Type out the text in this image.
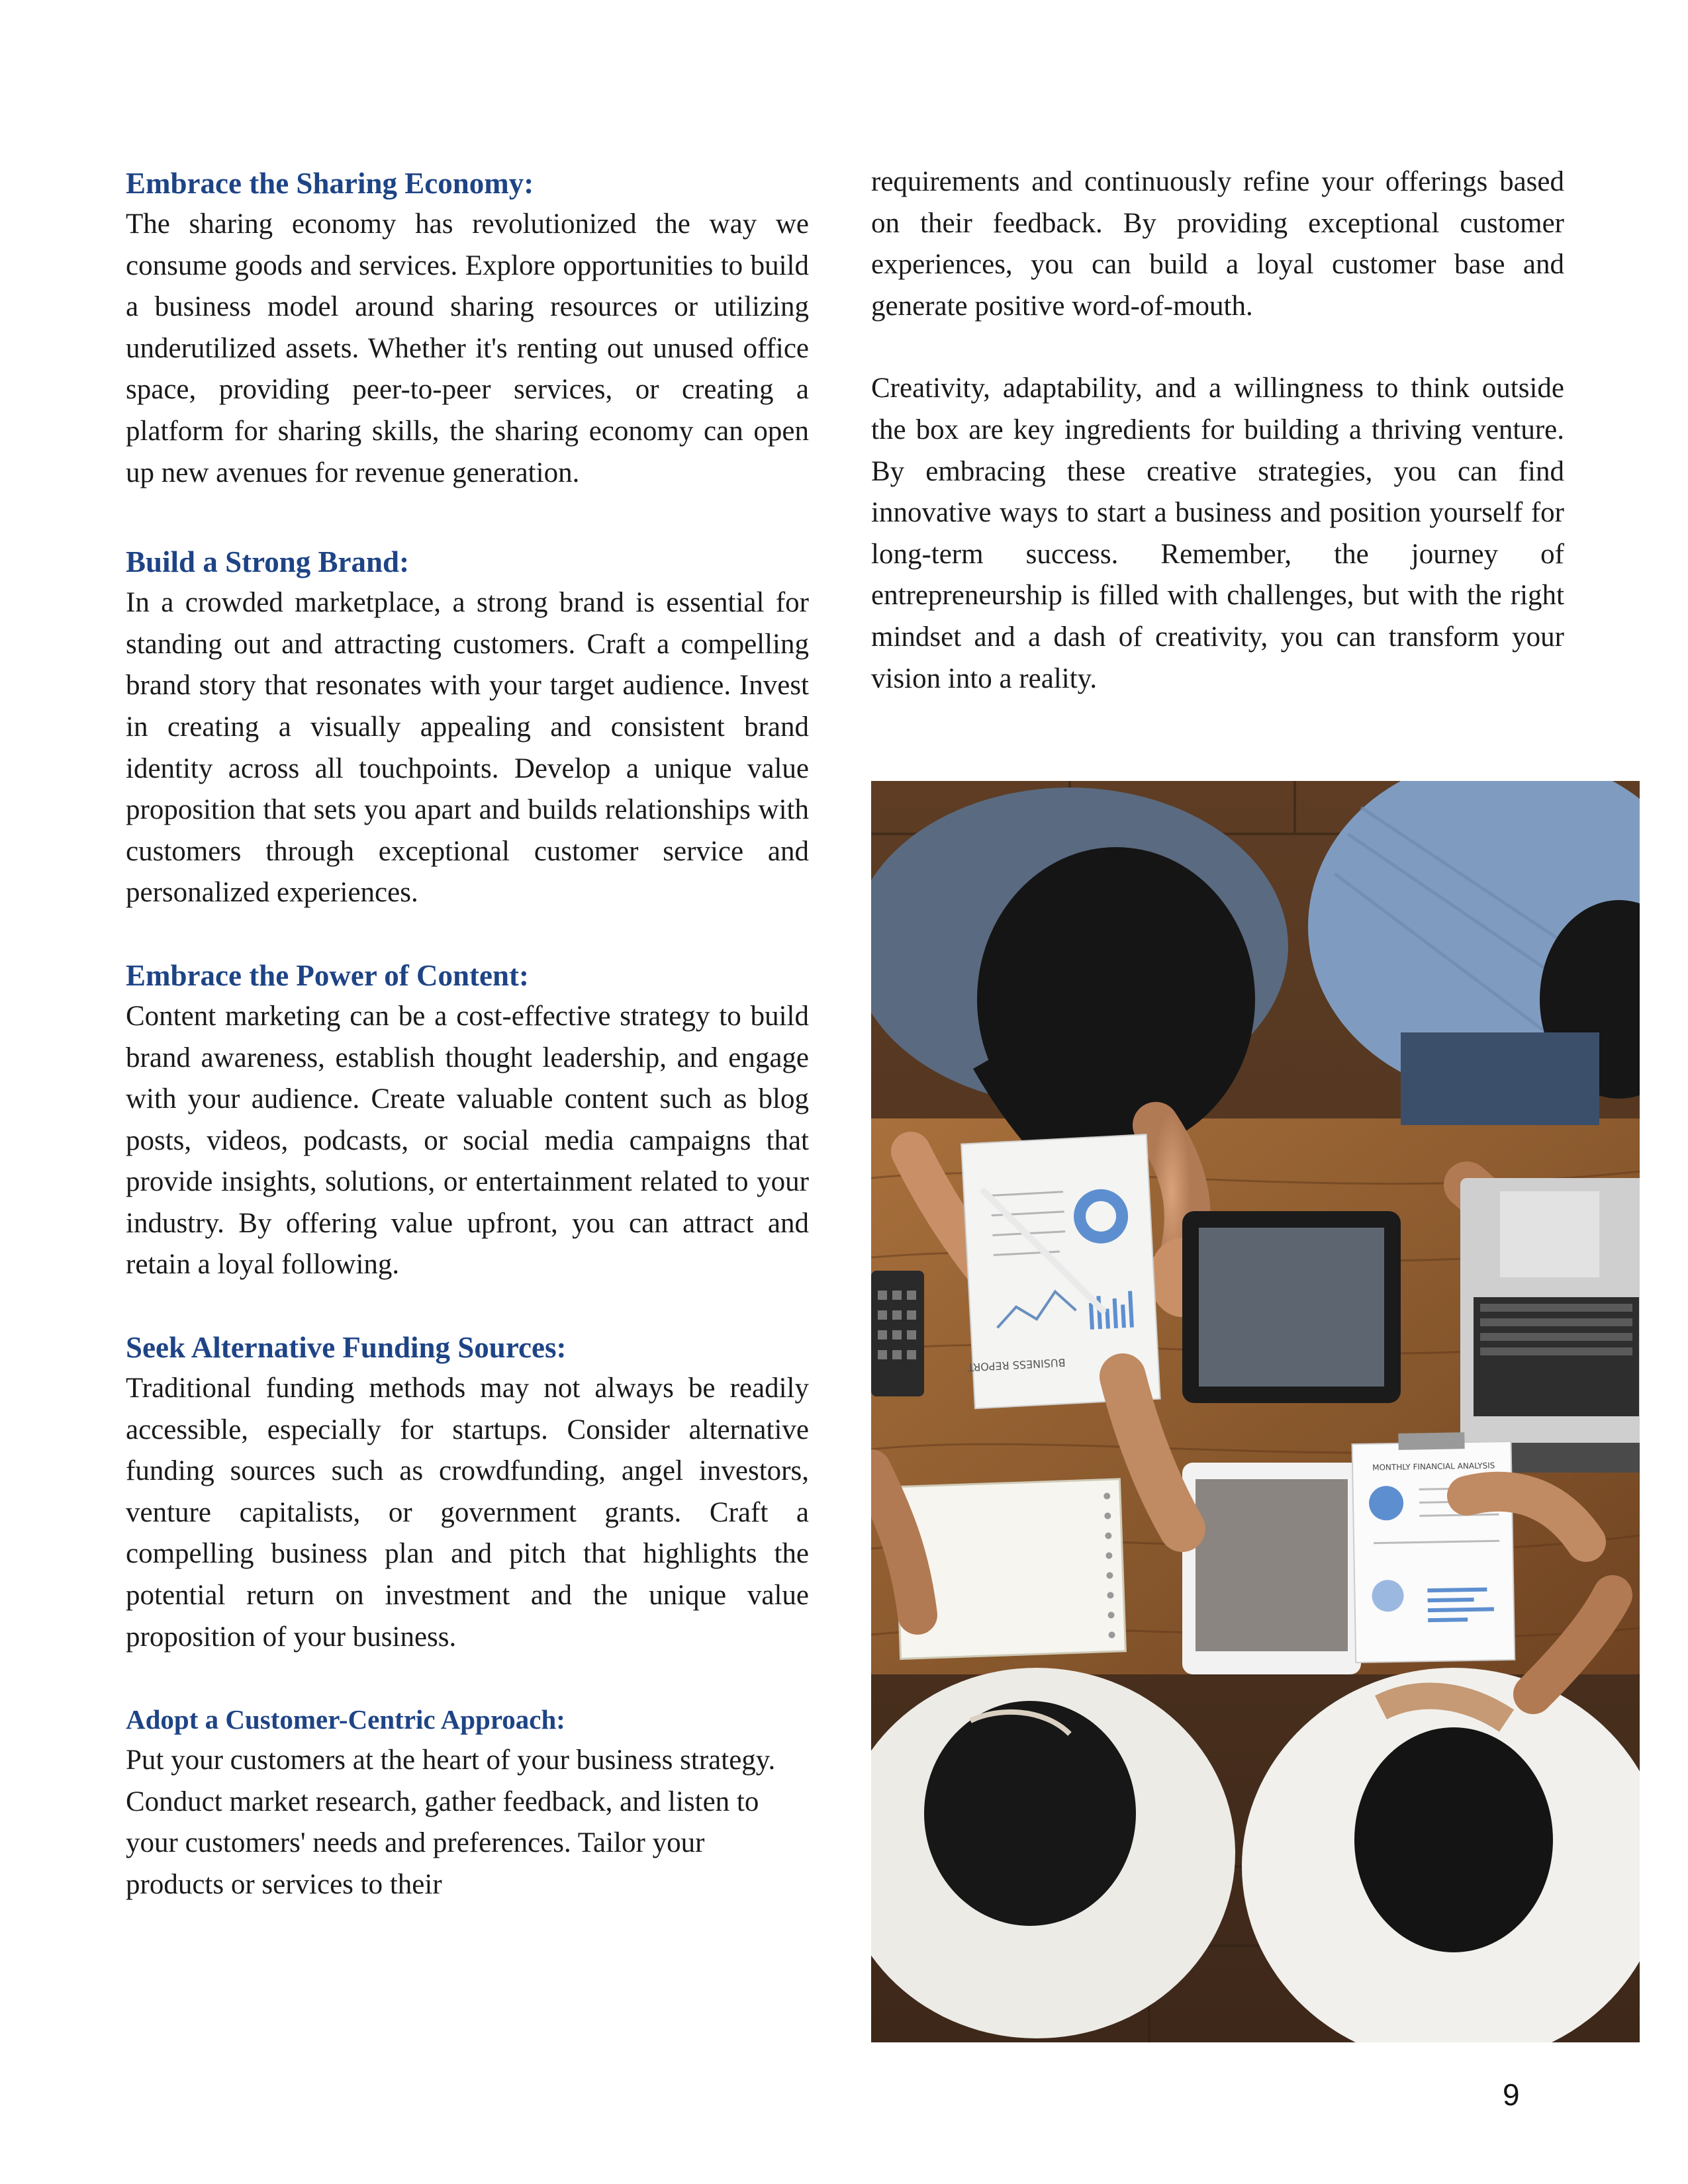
Embrace the Sharing Economy:

The sharing economy has revolutionized the way we consume goods and services. Explore opportunities to build a business model around sharing resources or utilizing underutilized assets. Whether it's renting out unused office space, providing peer-to-peer services, or creating a platform for sharing skills, the sharing economy can open up new avenues for revenue generation.

Build a Strong Brand:

In a crowded marketplace, a strong brand is essential for standing out and attracting customers. Craft a compelling brand story that resonates with your target audience. Invest in creating a visually appealing and consistent brand identity across all touchpoints. Develop a unique value proposition that sets you apart and builds relationships with customers through exceptional customer service and personalized experiences.

Embrace the Power of Content:

Content marketing can be a cost-effective strategy to build brand awareness, establish thought leadership, and engage with your audience. Create valuable content such as blog posts, videos, podcasts, or social media campaigns that provide insights, solutions, or entertainment related to your industry. By offering value upfront, you can attract and retain a loyal following.

Seek Alternative Funding Sources:

Traditional funding methods may not always be readily accessible, especially for startups. Consider alternative funding sources such as crowdfunding, angel investors, venture capitalists, or government grants. Craft a compelling business plan and pitch that highlights the potential return on investment and the unique value proposition of your business.

Adopt a Customer-Centric Approach:

Put your customers at the heart of your business strategy. Conduct market research, gather feedback, and listen to your customers' needs and preferences. Tailor your products or services to their

requirements and continuously refine your offerings based on their feedback. By providing exceptional customer experiences, you can build a loyal customer base and generate positive word-of-mouth.

Creativity, adaptability, and a willingness to think outside the box are key ingredients for building a thriving venture. By embracing these creative strategies, you can find innovative ways to start a business and position yourself for long-term success. Remember, the journey of entrepreneurship is filled with challenges, but with the right mindset and a dash of creativity, you can transform your vision into a reality.

BUSINESS REPORT
MONTHLY FINANCIAL ANALYSIS
9
